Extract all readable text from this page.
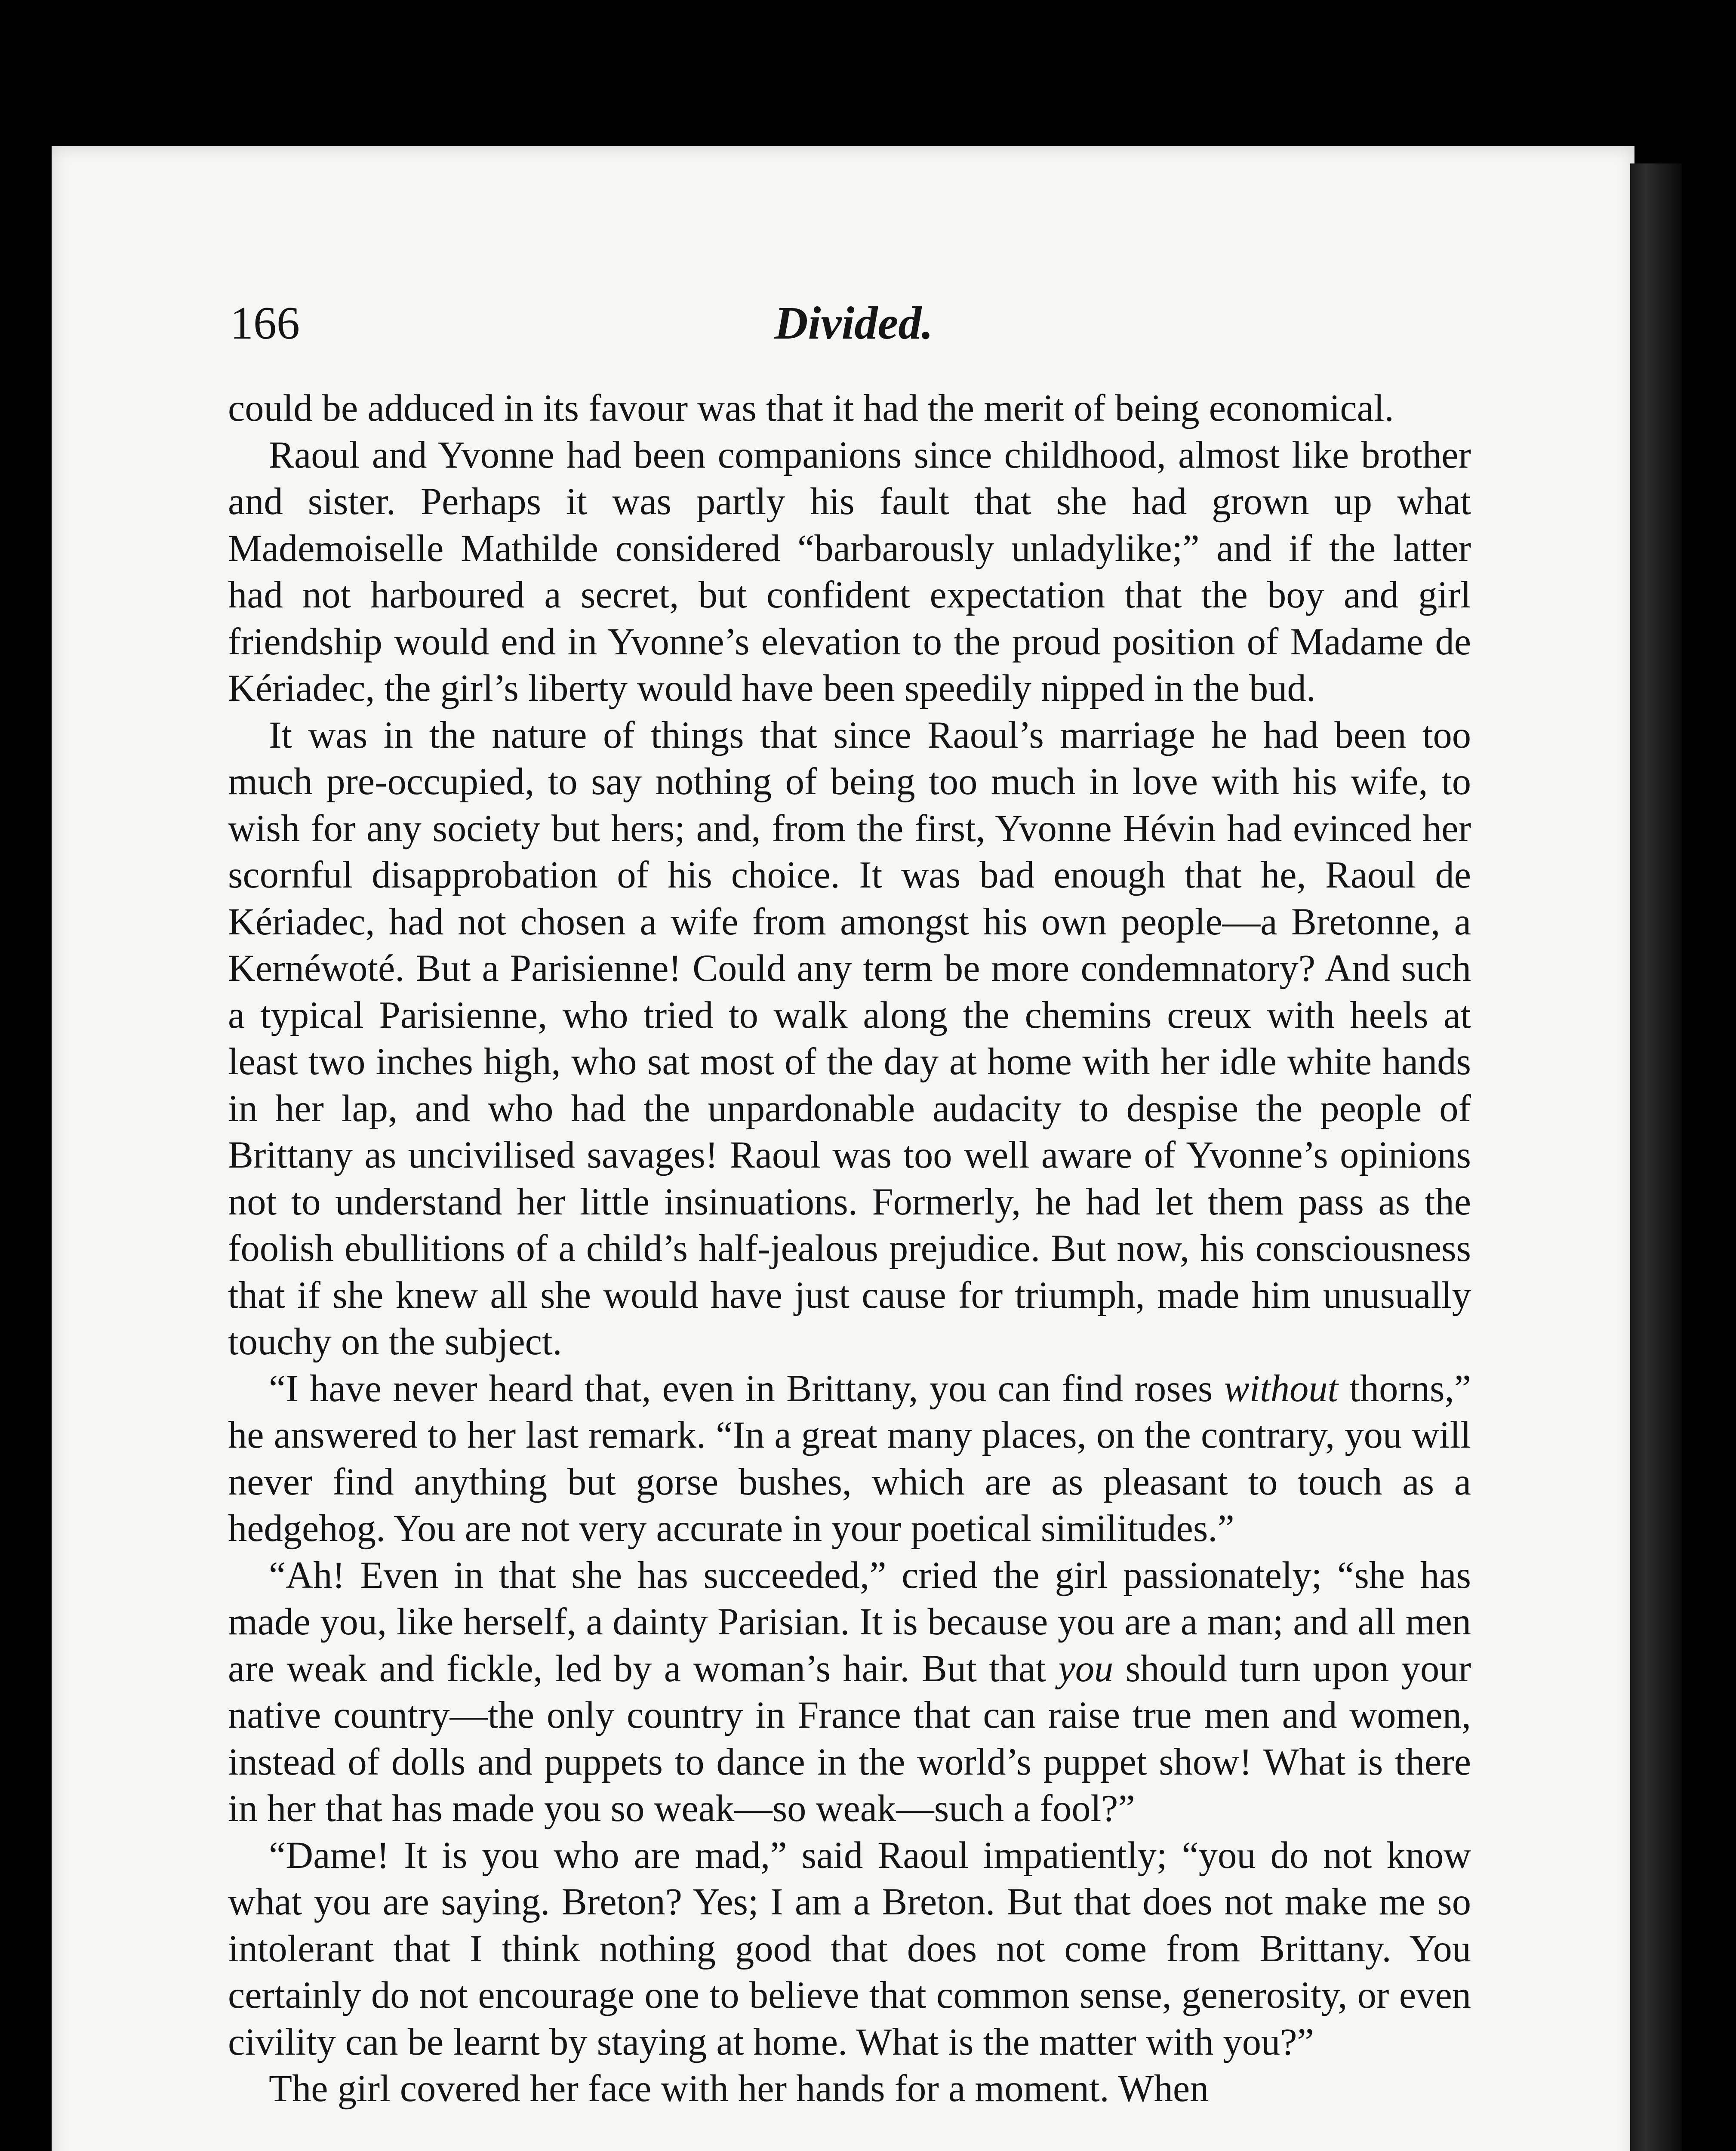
166	Divided.

could be adduced in its favour was that it had the merit of being economical.

Raoul and Yvonne had been companions since childhood, almost like brother and sister. Perhaps it was partly his fault that she had grown up what Mademoiselle Mathilde considered “barbarously unladylike;” and if the latter had not harboured a secret, but confident expectation that the boy and girl friendship would end in Yvonne’s elevation to the proud position of Madame de Kériadec, the girl’s liberty would have been speedily nipped in the bud.

It was in the nature of things that since Raoul’s marriage he had been too much pre-occupied, to say nothing of being too much in love with his wife, to wish for any society but hers; and, from the first, Yvonne Hévin had evinced her scornful disapprobation of his choice. It was bad enough that he, Raoul de Kériadec, had not chosen a wife from amongst his own people—a Bretonne, a Kernéwoté. But a Parisienne! Could any term be more condemnatory? And such a typical Parisienne, who tried to walk along the chemins creux with heels at least two inches high, who sat most of the day at home with her idle white hands in her lap, and who had the unpardonable audacity to despise the people of Brittany as uncivilised savages! Raoul was too well aware of Yvonne’s opinions not to understand her little insinuations. Formerly, he had let them pass as the foolish ebullitions of a child’s half-jealous prejudice. But now, his consciousness that if she knew all she would have just cause for triumph, made him unusually touchy on the subject.

“I have never heard that, even in Brittany, you can find roses without thorns,” he answered to her last remark. “In a great many places, on the contrary, you will never find anything but gorse bushes, which are as pleasant to touch as a hedgehog. You are not very accurate in your poetical similitudes.”

“Ah! Even in that she has succeeded,” cried the girl passionately; “she has made you, like herself, a dainty Parisian. It is because you are a man; and all men are weak and fickle, led by a woman’s hair. But that you should turn upon your native country—the only country in France that can raise true men and women, instead of dolls and puppets to dance in the world’s puppet show! What is there in her that has made you so weak—so weak—such a fool?”

“Dame! It is you who are mad,” said Raoul impatiently; “you do not know what you are saying. Breton? Yes; I am a Breton. But that does not make me so intolerant that I think nothing good that does not come from Brittany. You certainly do not encourage one to believe that common sense, generosity, or even civility can be learnt by staying at home. What is the matter with you?”

The girl covered her face with her hands for a moment. When
